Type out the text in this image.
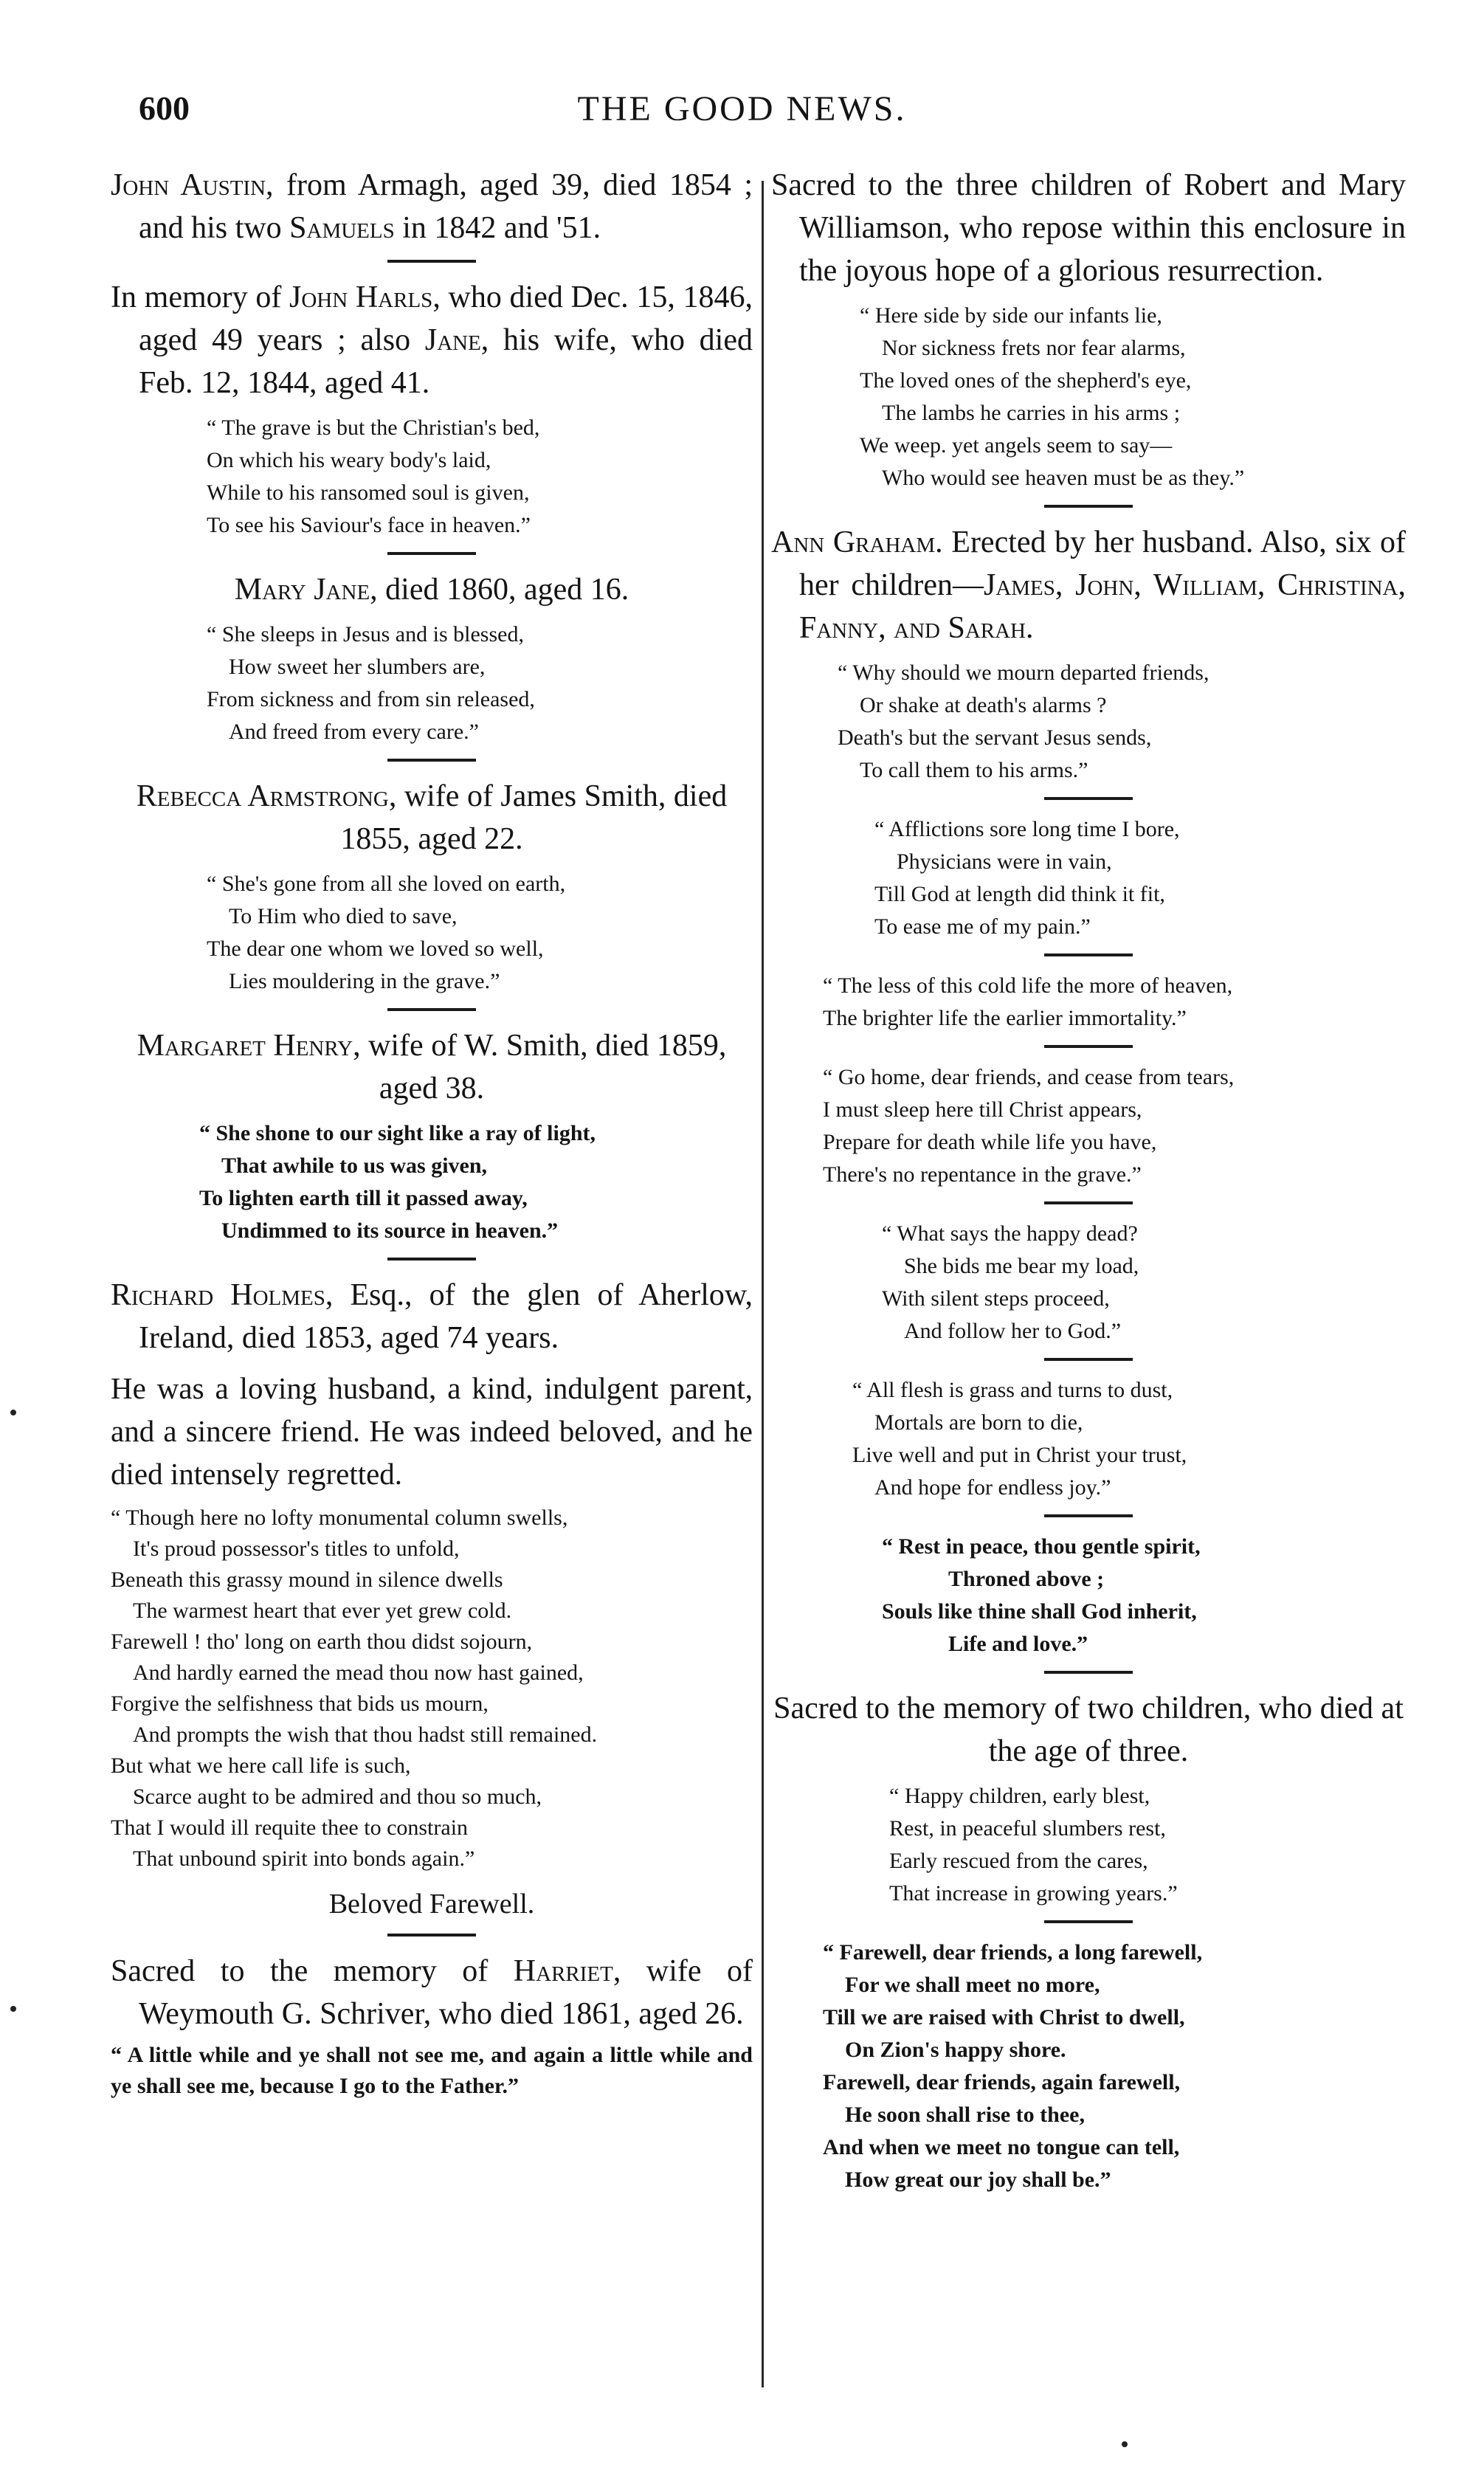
600	THE GOOD NEWS.

John Austin, from Armagh, aged 39, died 1854 ; and his two Samuels in 1842 and '51.

In memory of John Harls, who died Dec. 15, 1846, aged 49 years ; also Jane, his wife, who died Feb. 12, 1844, aged 41.

“ The grave is but the Christian's bed,
On which his weary body's laid,
While to his ransomed soul is given,
To see his Saviour's face in heaven.”

Mary Jane, died 1860, aged 16.

“ She sleeps in Jesus and is blessed,
How sweet her slumbers are,
From sickness and from sin released,
And freed from every care.”

Rebecca Armstrong, wife of James Smith, died 1855, aged 22.

“ She's gone from all she loved on earth,
To Him who died to save,
The dear one whom we loved so well,
Lies mouldering in the grave.”

Margaret Henry, wife of W. Smith, died 1859, aged 38.

“ She shone to our sight like a ray of light,
That awhile to us was given,
To lighten earth till it passed away,
Undimmed to its source in heaven.”

Richard Holmes, Esq., of the glen of Aherlow, Ireland, died 1853, aged 74 years.

He was a loving husband, a kind, indulgent parent, and a sincere friend. He was indeed beloved, and he died intensely regretted.

“ Though here no lofty monumental column swells,
It's proud possessor's titles to unfold,
Beneath this grassy mound in silence dwells
The warmest heart that ever yet grew cold.
Farewell ! tho' long on earth thou didst sojourn,
And hardly earned the mead thou now hast gained,
Forgive the selfishness that bids us mourn,
And prompts the wish that thou hadst still remained.
But what we here call life is such,
Scarce aught to be admired and thou so much,
That I would ill requite thee to constrain
That unbound spirit into bonds again.”
Beloved Farewell.

Sacred to the memory of Harriet, wife of Weymouth G. Schriver, who died 1861, aged 26.

“ A little while and ye shall not see me, and again a little while and ye shall see me, because I go to the Father.”

Sacred to the three children of Robert and Mary Williamson, who repose within this enclosure in the joyous hope of a glorious resurrection.

“ Here side by side our infants lie,
Nor sickness frets nor fear alarms,
The loved ones of the shepherd's eye,
The lambs he carries in his arms ;
We weep. yet angels seem to say—
Who would see heaven must be as they.”

Ann Graham. Erected by her husband. Also, six of her children—James, John, William, Christina, Fanny, and Sarah.

“ Why should we mourn departed friends,
Or shake at death's alarms ?
Death's but the servant Jesus sends,
To call them to his arms.”
“ Afflictions sore long time I bore,
Physicians were in vain,
Till God at length did think it fit,
To ease me of my pain.”
“ The less of this cold life the more of heaven,
The brighter life the earlier immortality.”
“ Go home, dear friends, and cease from tears,
I must sleep here till Christ appears,
Prepare for death while life you have,
There's no repentance in the grave.”
“ What says the happy dead?
She bids me bear my load,
With silent steps proceed,
And follow her to God.”
“ All flesh is grass and turns to dust,
Mortals are born to die,
Live well and put in Christ your trust,
And hope for endless joy.”
“ Rest in peace, thou gentle spirit,
Throned above ;
Souls like thine shall God inherit,
Life and love.”

Sacred to the memory of two children, who died at the age of three.

“ Happy children, early blest,
Rest, in peaceful slumbers rest,
Early rescued from the cares,
That increase in growing years.”
“ Farewell, dear friends, a long farewell,
For we shall meet no more,
Till we are raised with Christ to dwell,
On Zion's happy shore.
Farewell, dear friends, again farewell,
He soon shall rise to thee,
And when we meet no tongue can tell,
How great our joy shall be.”
